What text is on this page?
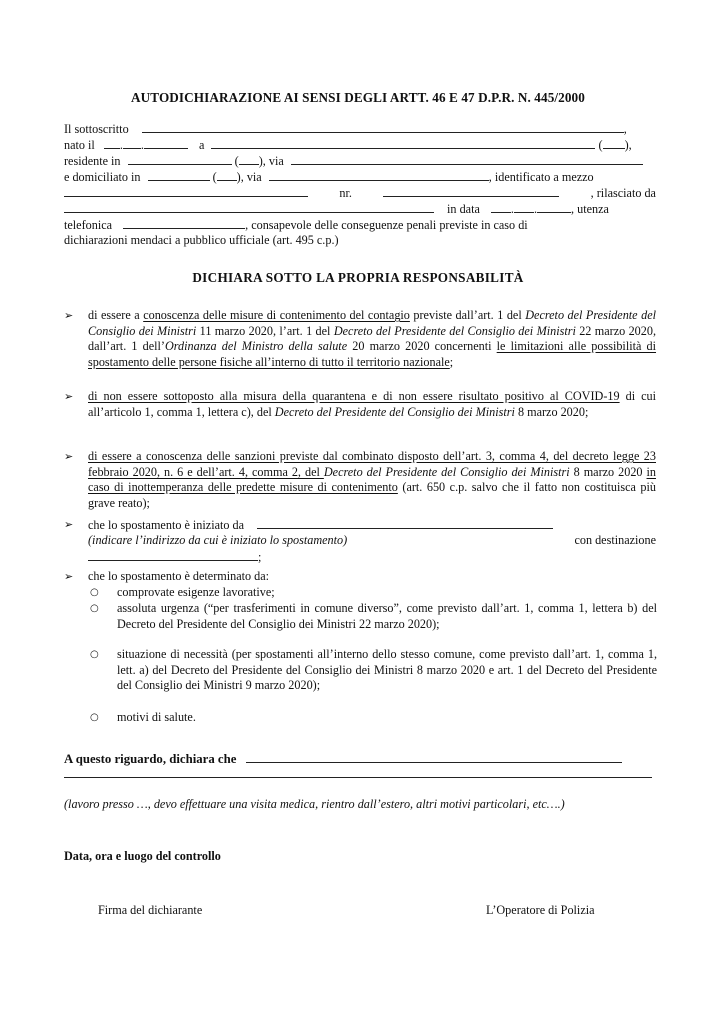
AUTODICHIARAZIONE AI SENSI DEGLI ARTT. 46 E 47 D.P.R. N. 445/2000
Il sottoscritto	,
nato il . .	a	( ),
residente in	( ), via
e domiciliato in	( ), via	, identificato a mezzo
nr.	, rilasciato da
in data	. .	, utenza
telefonica	, consapevole delle conseguenze penali previste in caso di
dichiarazioni mendaci a pubblico ufficiale (art. 495 c.p.)
DICHIARA SOTTO LA PROPRIA RESPONSABILITÀ
➢ di essere a conoscenza delle misure di contenimento del contagio previste dall’art. 1 del Decreto del Presidente del Consiglio dei Ministri 11 marzo 2020, l’art. 1 del Decreto del Presidente del Consiglio dei Ministri 22 marzo 2020, dall’art. 1 dell’Ordinanza del Ministro della salute 20 marzo 2020 concernenti le limitazioni alle possibilità di spostamento delle persone fisiche all’interno di tutto il territorio nazionale;
➢ di non essere sottoposto alla misura della quarantena e di non essere risultato positivo al COVID-19 di cui all’articolo 1, comma 1, lettera c), del Decreto del Presidente del Consiglio dei Ministri 8 marzo 2020;
➢ di essere a conoscenza delle sanzioni previste dal combinato disposto dell’art. 3, comma 4, del decreto legge 23 febbraio 2020, n. 6 e dell’art. 4, comma 2, del Decreto del Presidente del Consiglio dei Ministri 8 marzo 2020 in caso di inottemperanza delle predette misure di contenimento (art. 650 c.p. salvo che il fatto non costituisca più grave reato);
➢ che lo spostamento è iniziato da
(indicare l’indirizzo da cui è iniziato lo spostamento)	con destinazione
;
➢ che lo spostamento è determinato da:
○ comprovate esigenze lavorative;
○ assoluta urgenza (“per trasferimenti in comune diverso”, come previsto dall’art. 1, comma 1, lettera b) del Decreto del Presidente del Consiglio dei Ministri 22 marzo 2020);
○ situazione di necessità (per spostamenti all’interno dello stesso comune, come previsto dall’art. 1, comma 1, lett. a) del Decreto del Presidente del Consiglio dei Ministri 8 marzo 2020 e art. 1 del Decreto del Presidente del Consiglio dei Ministri 9 marzo 2020);
○ motivi di salute.
A questo riguardo, dichiara che
(lavoro presso …, devo effettuare una visita medica, rientro dall’estero, altri motivi particolari, etc….)
Data, ora e luogo del controllo
Firma del dichiarante	L’Operatore di Polizia
